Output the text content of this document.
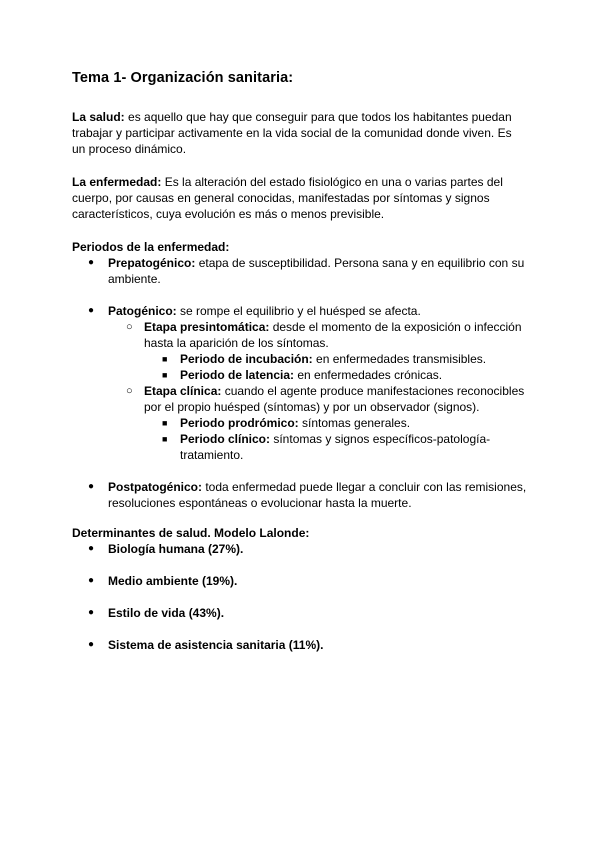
Tema 1- Organización sanitaria:

La salud: es aquello que hay que conseguir para que todos los habitantes puedan trabajar y participar activamente en la vida social de la comunidad donde viven. Es un proceso dinámico.

La enfermedad: Es la alteración del estado fisiológico en una o varias partes del cuerpo, por causas en general conocidas, manifestadas por síntomas y signos característicos, cuya evolución es más o menos previsible.

Periodos de la enfermedad:
● Prepatogénico: etapa de susceptibilidad. Persona sana y en equilibrio con su ambiente.
● Patogénico: se rompe el equilibrio y el huésped se afecta.
○ Etapa presintomática: desde el momento de la exposición o infección hasta la aparición de los síntomas.
■ Periodo de incubación: en enfermedades transmisibles.
■ Periodo de latencia: en enfermedades crónicas.
○ Etapa clínica: cuando el agente produce manifestaciones reconocibles por el propio huésped (síntomas) y por un observador (signos).
■ Periodo prodrómico: síntomas generales.
■ Periodo clínico: síntomas y signos específicos-patología-tratamiento.
● Postpatogénico: toda enfermedad puede llegar a concluir con las remisiones, resoluciones espontáneas o evolucionar hasta la muerte.
Determinantes de salud. Modelo Lalonde:
● Biología humana (27%).
● Medio ambiente (19%).
● Estilo de vida (43%).
● Sistema de asistencia sanitaria (11%).
